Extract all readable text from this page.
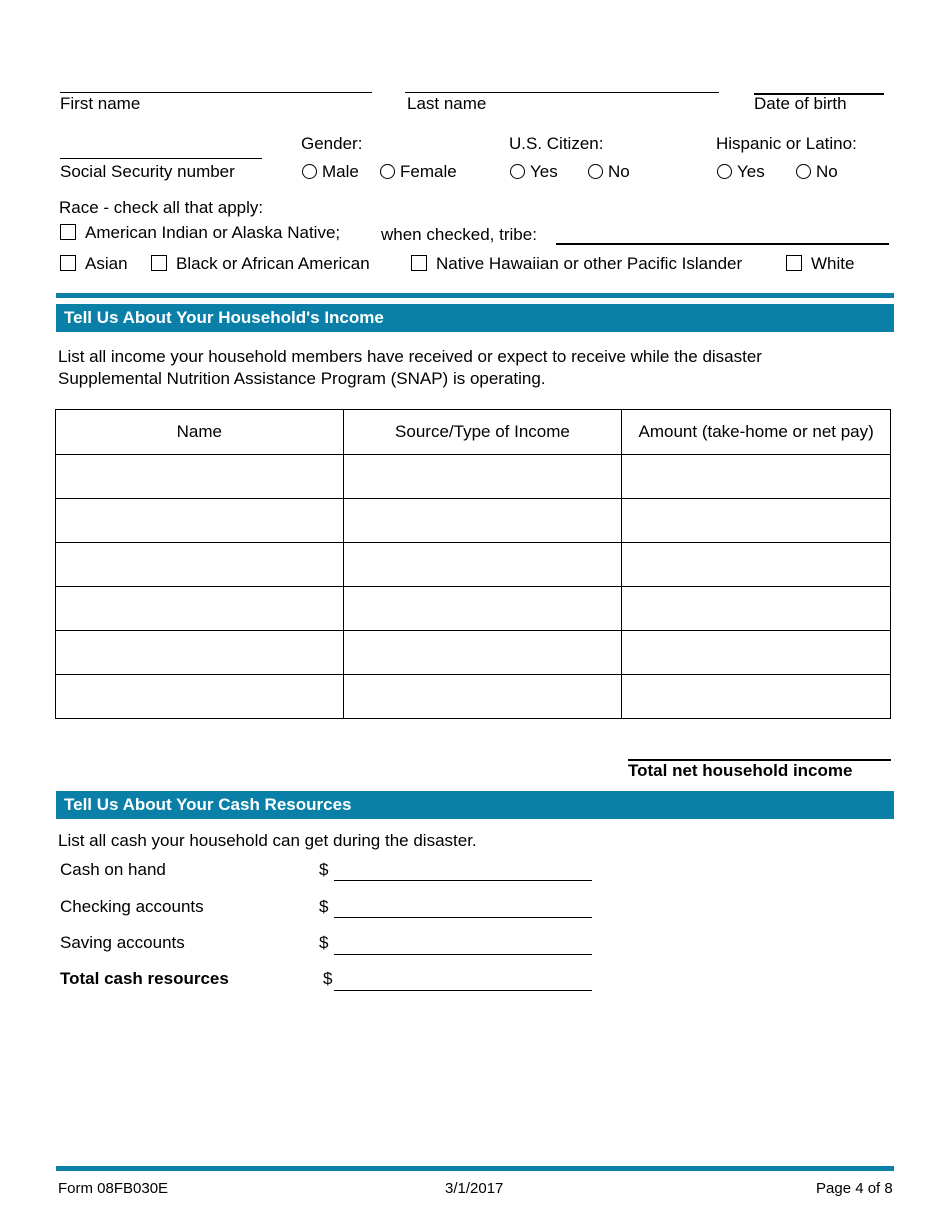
First name	Last name	Date of birth
Social Security number
Gender:
Male	Female
U.S. Citizen:
Yes	No
Hispanic or Latino:
Yes	No
Race - check all that apply:
American Indian or Alaska Native; when checked, tribe:
Asian	Black or African American	Native Hawaiian or other Pacific Islander	White
Tell Us About Your Household's Income
List all income your household members have received or expect to receive while the disaster Supplemental Nutrition Assistance Program (SNAP) is operating.
Name	Source/Type of Income	Amount (take-home or net pay)

Total net household income
Tell Us About Your Cash Resources
List all cash your household can get during the disaster.
Cash on hand	$
Checking accounts	$
Saving accounts	$
Total cash resources	$
Form 08FB030E	3/1/2017	Page 4 of 8
